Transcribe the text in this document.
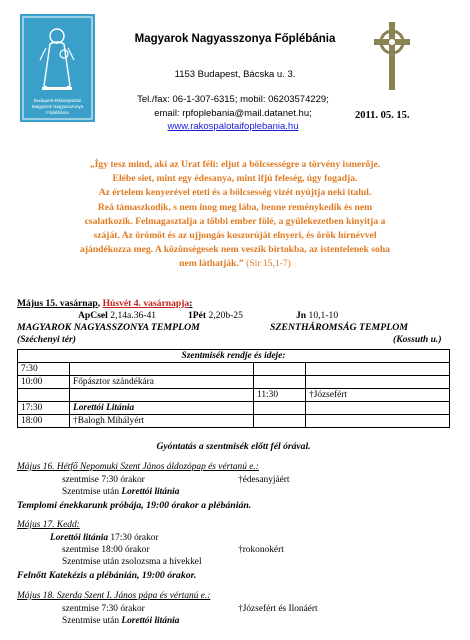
Budapest-Rákospalotai Magyarok Nagyasszonya Főplébánia
Magyarok Nagyasszonya Főplébánia
1153 Budapest, Bácska u. 3.
Tel./fax: 06-1-307-6315; mobil: 06203574229;
email: rpfoplebania@mail.datanet.hu;
www.rakospalotaifoplebania.hu
2011. 05. 15.
„Így tesz mind, aki az Urat féli: eljut a bölcsességre a törvény ismerője.
Elébe siet, mint egy édesanya, mint ifjú feleség, úgy fogadja.
Az értelem kenyerével eteti és a bölcsesség vizét nyújtja neki italul.
Reá támaszkodik, s nem inog meg lába, benne reménykedik és nem
csalatkozik. Felmagasztalja a többi ember fölé, a gyülekezetben kinyitja a
száját. Az örömöt és az ujjongás koszorúját elnyeri, és örök hírnévvel
ajándékozza meg. A közönségesek nem veszik birtokba, az istentelenek soha
nem láthatják.” (Sir 15,1-7)
Május 15. vasárnap, Húsvét 4. vasárnapja:
ApCsel 2,14a.36-41	1Pét 2,20b-25	Jn 10,1-10
MAGYAROK NAGYASSZONYA TEMPLOM	SZENTHÁROMSÁG TEMPLOM
(Széchenyi tér)	(Kossuth u.)
Szentmisék rendje és ideje:			
7:30			
10:00	Főpásztor szándékára		
		11:30	†Józsefért
17:30	Lorettói Litánia		
18:00	†Balogh Mihályért		
Gyóntatás a szentmisék előtt fél órával.
Május 16. Hétfő Nepomuki Szent János áldozópap és vértanú e.:
szentmise 7:30 órakor	†édesanyjáért
Szentmise után Lorettói litánia
Templomi énekkarunk próbája, 19:00 órakor a plébánián.
Május 17. Kedd:
Lorettói litánia 17:30 órakor
szentmise 18:00 órakor	†rokonokért
Szentmise után zsolozsma a hívekkel
Felnőtt Katekézis a plébánián, 19:00 órakor.
Május 18. Szerda Szent I. János pápa és vértanú e.:
szentmise 7:30 órakor	†Józsefért és Ilonáért
Szentmise után Lorettói litánia
